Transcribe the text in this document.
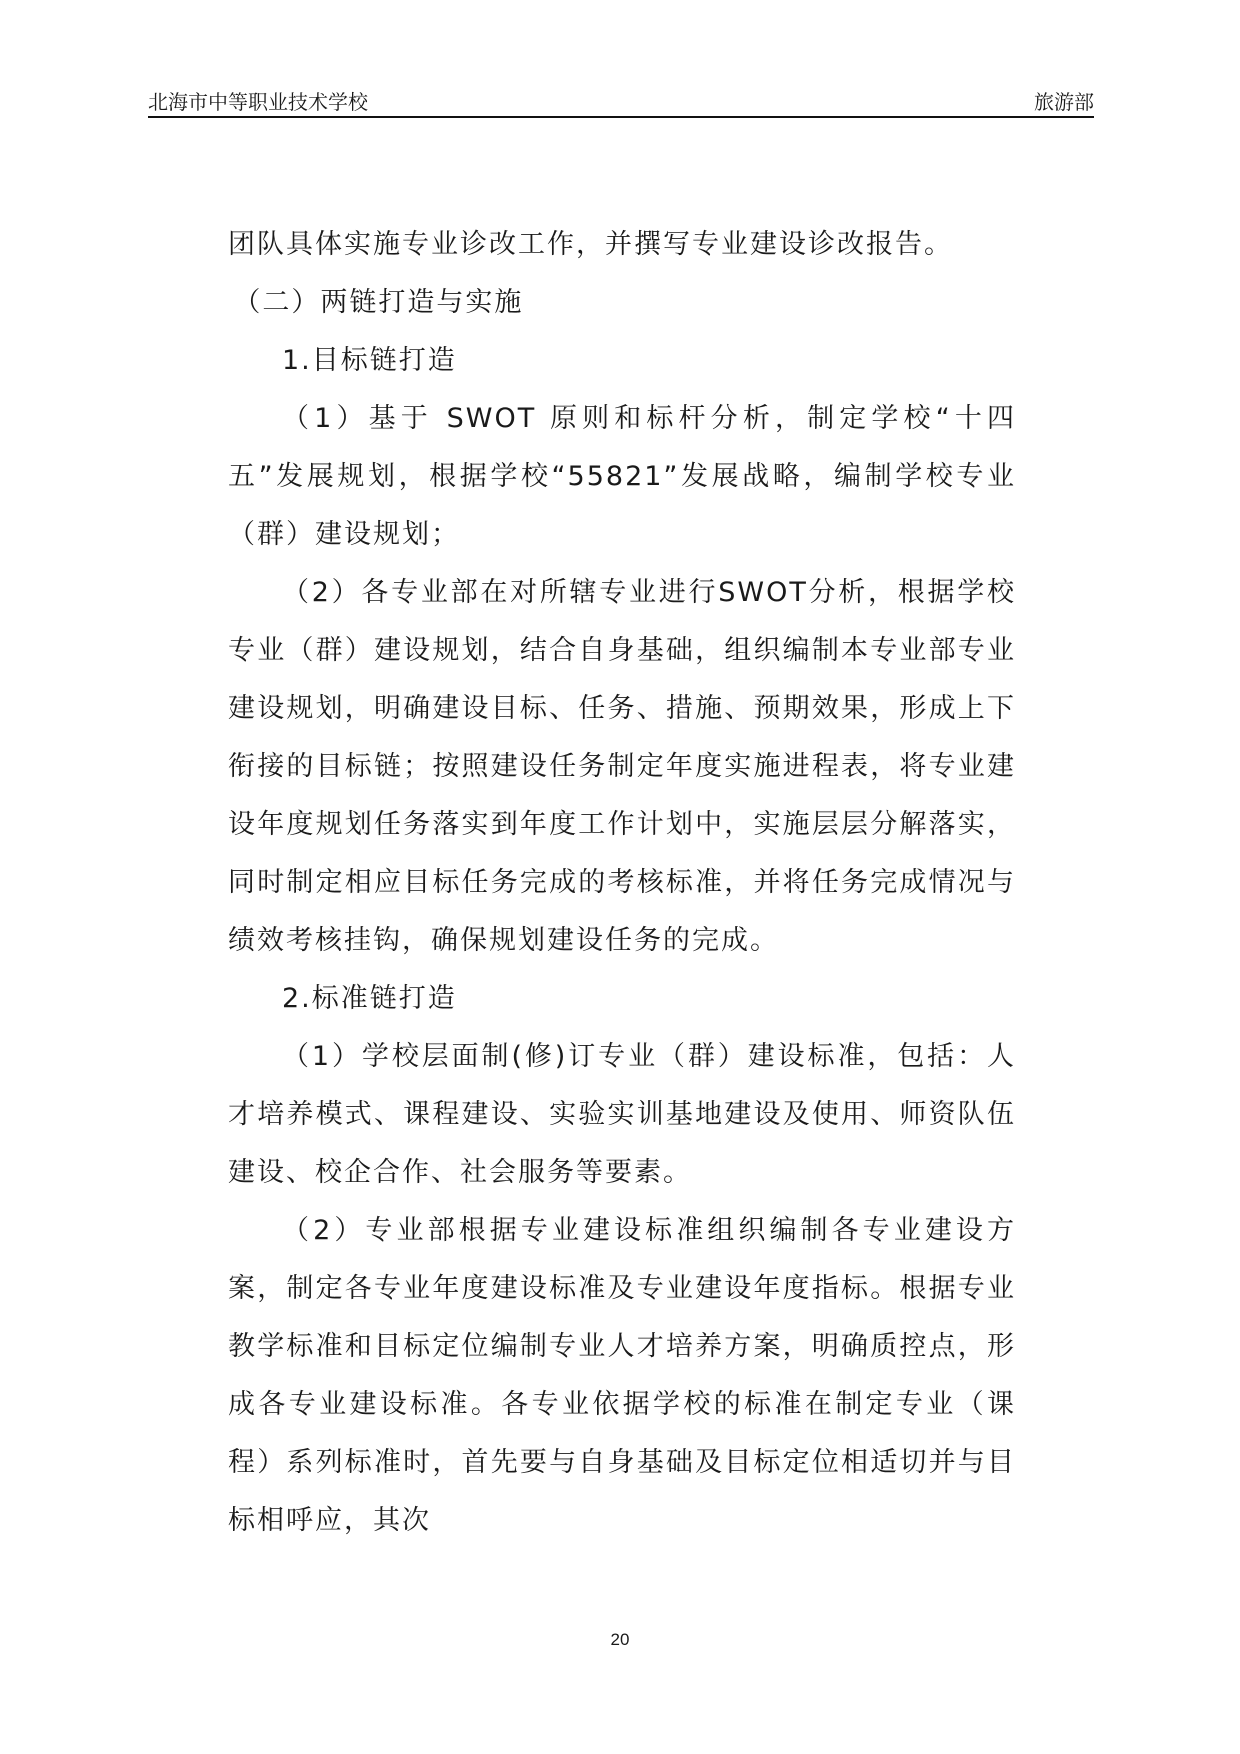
北海市中等职业技术学校	旅游部

团队具体实施专业诊改工作，并撰写专业建设诊改报告。

（二）两链打造与实施

1.目标链打造

（1）基于 SWOT 原则和标杆分析，制定学校“十四五”发展规划，根据学校“55821”发展战略，编制学校专业（群）建设规划；

（2）各专业部在对所辖专业进行SWOT分析，根据学校专业（群）建设规划，结合自身基础，组织编制本专业部专业建设规划，明确建设目标、任务、措施、预期效果，形成上下衔接的目标链；按照建设任务制定年度实施进程表，将专业建设年度规划任务落实到年度工作计划中，实施层层分解落实，同时制定相应目标任务完成的考核标准，并将任务完成情况与绩效考核挂钩，确保规划建设任务的完成。

2.标准链打造

（1）学校层面制(修)订专业（群）建设标准，包括：人才培养模式、课程建设、实验实训基地建设及使用、师资队伍建设、校企合作、社会服务等要素。

（2）专业部根据专业建设标准组织编制各专业建设方案，制定各专业年度建设标准及专业建设年度指标。根据专业教学标准和目标定位编制专业人才培养方案，明确质控点，形成各专业建设标准。各专业依据学校的标准在制定专业（课程）系列标准时，首先要与自身基础及目标定位相适切并与目标相呼应，其次

20
